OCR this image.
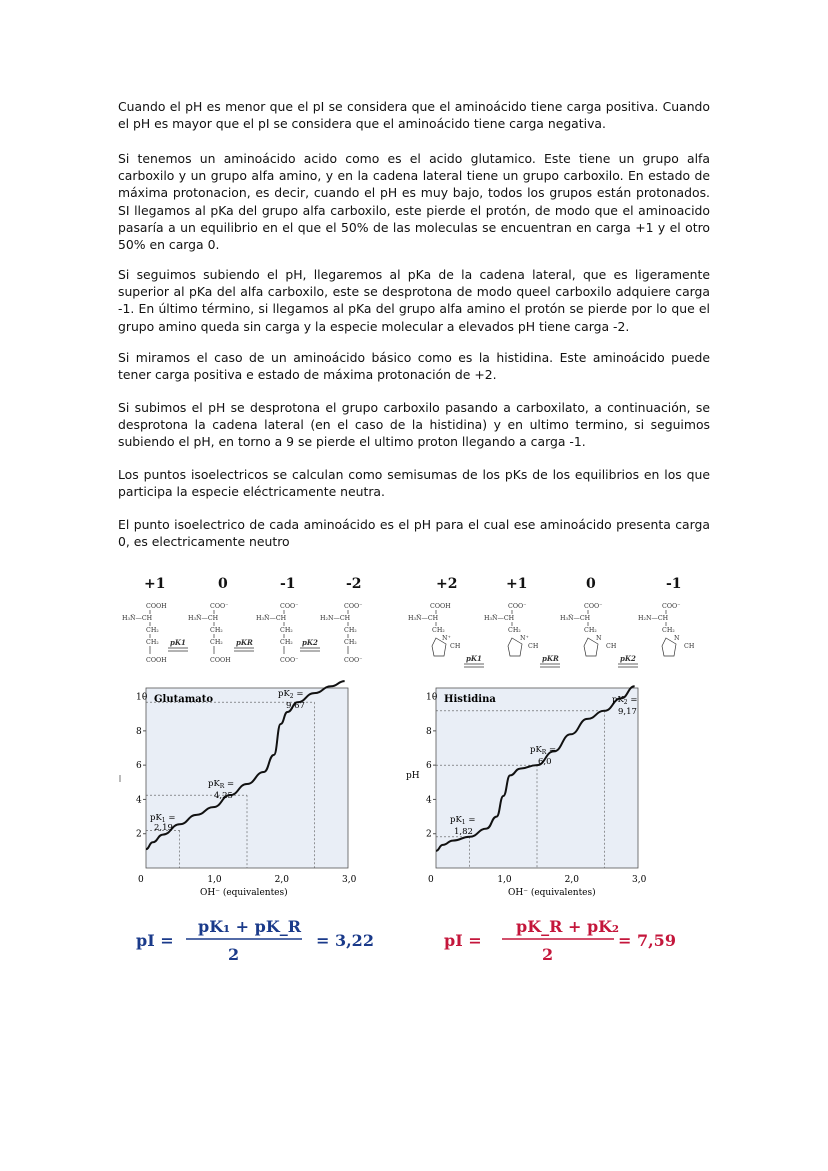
Cuando el pH es menor que el pI se considera que el aminoácido tiene carga positiva. Cuando el pH es mayor que el pI se considera que el aminoácido tiene carga negativa.

Si tenemos un aminoácido acido como es el acido glutamico. Este tiene un grupo alfa carboxilo y un grupo alfa amino, y en la cadena lateral tiene un grupo carboxilo. En estado de máxima protonacion, es decir, cuando el pH es muy bajo, todos los grupos están protonados. SI llegamos al pKa del grupo alfa carboxilo, este pierde el protón, de modo que el aminoacido pasaría a un equilibrio en el que el 50% de las moleculas se encuentran en carga +1 y el otro 50% en carga 0.

Si seguimos subiendo el pH, llegaremos al pKa de la cadena lateral, que es ligeramente superior al pKa del alfa carboxilo, este se desprotona de modo queel carboxilo adquiere carga -1. En último término, si llegamos al pKa del grupo alfa amino el protón se pierde por lo que el grupo amino queda sin carga y la especie molecular a elevados pH tiene carga -2.

Si miramos el caso de un aminoácido básico como es la histidina. Este aminoácido puede tener carga positiva e estado de máxima protonación de +2.

Si subimos el pH se desprotona el grupo carboxilo pasando a carboxilato, a continuación, se desprotona la cadena lateral (en el caso de la histidina) y en ultimo termino, si seguimos subiendo el pH, en torno a 9 se pierde el ultimo proton llegando a carga -1.

Los puntos isoelectricos se calculan como semisumas de los pKs de los equilibrios en los que participa la especie eléctricamente neutra.

El punto isoelectrico de cada aminoácido es el pH para el cual ese aminoácido presenta carga 0, es electricamente neutro

+1	0	-1	-2	+2	+1	0	-1
COOH
H₃N̈—CH
CH₂
CH₂
COOH
COO⁻
H₃N̈—CH
CH₂
CH₂
COOH
COO⁻
H₃N̈—CH
CH₂
CH₂
COO⁻
COO⁻
H₂N—CH
CH₂
CH₂
COO⁻
pK1	pKR	pK2
COOH
H₃N̈—CH
CH₂
CH
N⁺
COO⁻
H₃N̈—CH
CH₂
CH
N⁺
COO⁻
H₃N̈—CH
CH₂
CH
N
COO⁻
H₂N—CH
CH₂
CH
N
pK1	pKR	pK2
2
4
6
8
10
0	1,0	2,0	3,0
Glutamato
$pK_1$ =
2,19
$pK_R$ =
4,25
$pK_2$ =
9,67
OH⁻ (equivalentes)
2
4
6
8
10
0	1,0	2,0	3,0
pH
Histidina
$pK_1$ =
1,82
$pK_R$ =
6,0
$pK_2$ =
9,17
OH⁻ (equivalentes)
pI =
pK₁ + pK_R
2
= 3,22	pI =
pK_R + pK₂
2
= 7,59
